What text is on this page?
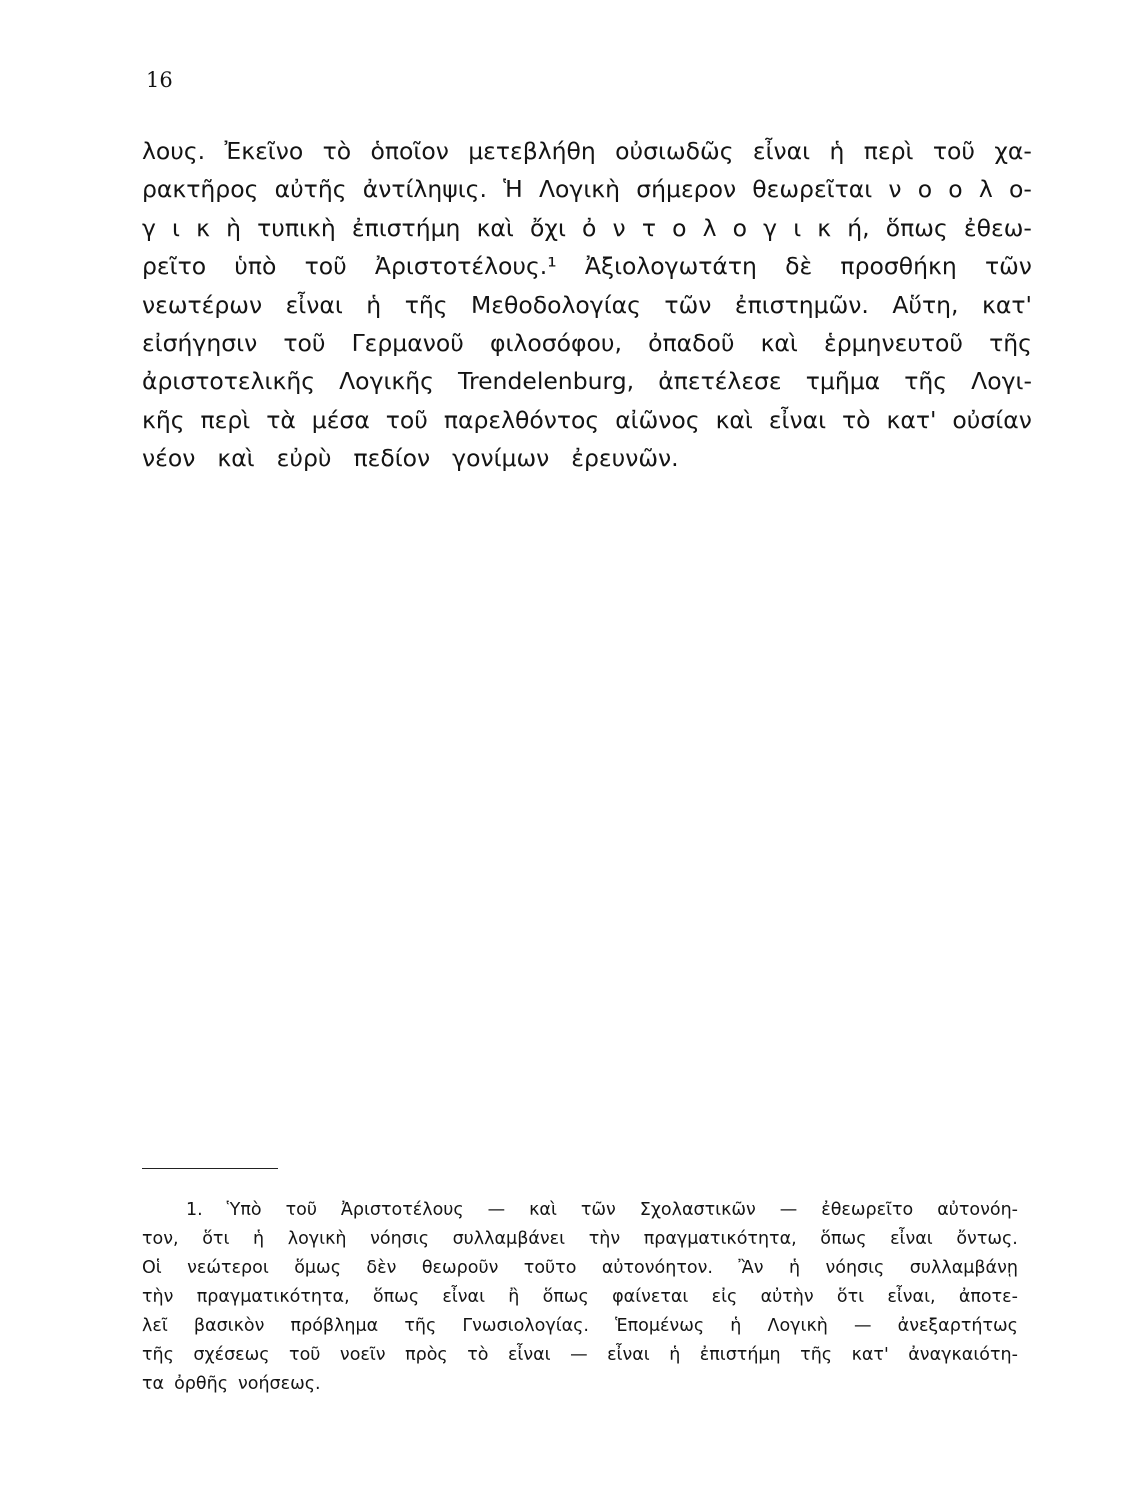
16
λους. Ἐκεῖνο τὸ ὁποῖον μετεβλήθη οὐσιωδῶς εἶναι ἡ περὶ τοῦ χα-
ρακτῆρος αὐτῆς ἀντίληψις. Ἡ Λογικὴ σήμερον θεωρεῖται ν ο ο λ ο-
γ ι κ ὴ τυπικὴ ἐπιστήμη καὶ ὄχι ὀ ν τ ο λ ο γ ι κ ή, ὅπως ἐθεω-
ρεῖτο ὑπὸ τοῦ Ἀριστοτέλους.¹ Ἀξιολογωτάτη δὲ προσθήκη τῶν
νεωτέρων εἶναι ἡ τῆς Μεθοδολογίας τῶν ἐπιστημῶν. Αὕτη, κατ'
εἰσήγησιν τοῦ Γερμανοῦ φιλοσόφου, ὀπαδοῦ καὶ ἑρμηνευτοῦ τῆς
ἀριστοτελικῆς Λογικῆς Trendelenburg, ἀπετέλεσε τμῆμα τῆς Λογι-
κῆς περὶ τὰ μέσα τοῦ παρελθόντος αἰῶνος καὶ εἶναι τὸ κατ' οὐσίαν
νέον καὶ εὐρὺ πεδίον γονίμων ἐρευνῶν.
1. Ὑπὸ τοῦ Ἀριστοτέλους — καὶ τῶν Σχολαστικῶν — ἐθεωρεῖτο αὐτονόη-
τον, ὅτι ἡ λογικὴ νόησις συλλαμβάνει τὴν πραγματικότητα, ὅπως εἶναι ὄντως.
Οἱ νεώτεροι ὅμως δὲν θεωροῦν τοῦτο αὐτονόητον. Ἂν ἡ νόησις συλλαμβάνῃ
τὴν πραγματικότητα, ὅπως εἶναι ἢ ὅπως φαίνεται εἰς αὐτὴν ὅτι εἶναι, ἀποτε-
λεῖ βασικὸν πρόβλημα τῆς Γνωσιολογίας. Ἑπομένως ἡ Λογικὴ — ἀνεξαρτήτως
τῆς σχέσεως τοῦ νοεῖν πρὸς τὸ εἶναι — εἶναι ἡ ἐπιστήμη τῆς κατ' ἀναγκαιότη-
τα ὀρθῆς νοήσεως.
